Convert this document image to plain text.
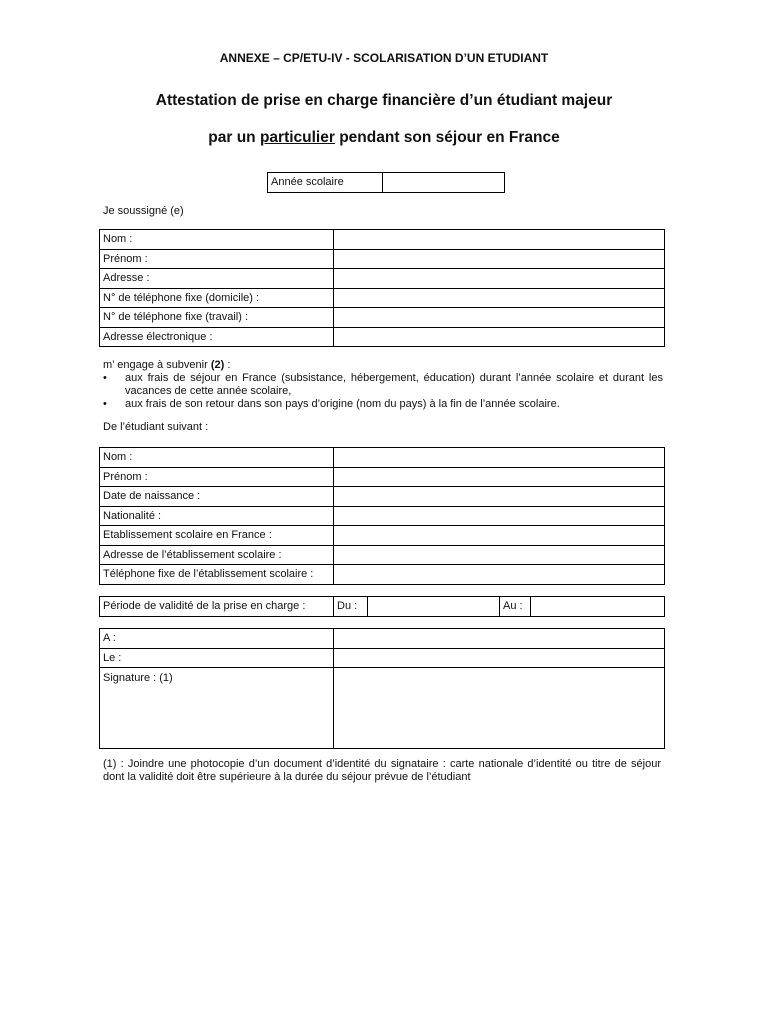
ANNEXE – CP/ETU-IV - SCOLARISATION D’UN ETUDIANT
Attestation de prise en charge financière d’un étudiant majeur
par un particulier pendant son séjour en France
Année scolaire	
Je soussigné (e)
Nom :	
Prénom :	
Adresse :	
N° de téléphone fixe (domicile) :	
N° de téléphone fixe (travail) :	
Adresse électronique :	
m’ engage à subvenir (2) :
• aux frais de séjour en France (subsistance, hébergement, éducation) durant l’année scolaire et durant les vacances de cette année scolaire,
• aux frais de son retour dans son pays d’origine (nom du pays) à la fin de l’année scolaire.
De l’étudiant suivant :
Nom :	
Prénom :	
Date de naissance :	
Nationalité :	
Etablissement scolaire en France :	
Adresse de l’établissement scolaire :	
Téléphone fixe de l’établissement scolaire :	
Période de validité de la prise en charge :	Du :		Au :	
A :	
Le :	
Signature : (1)	
(1) : Joindre une photocopie d’un document d’identité du signataire : carte nationale d’identité ou titre de séjour dont la validité doit être supérieure à la durée du séjour prévue de l’étudiant
